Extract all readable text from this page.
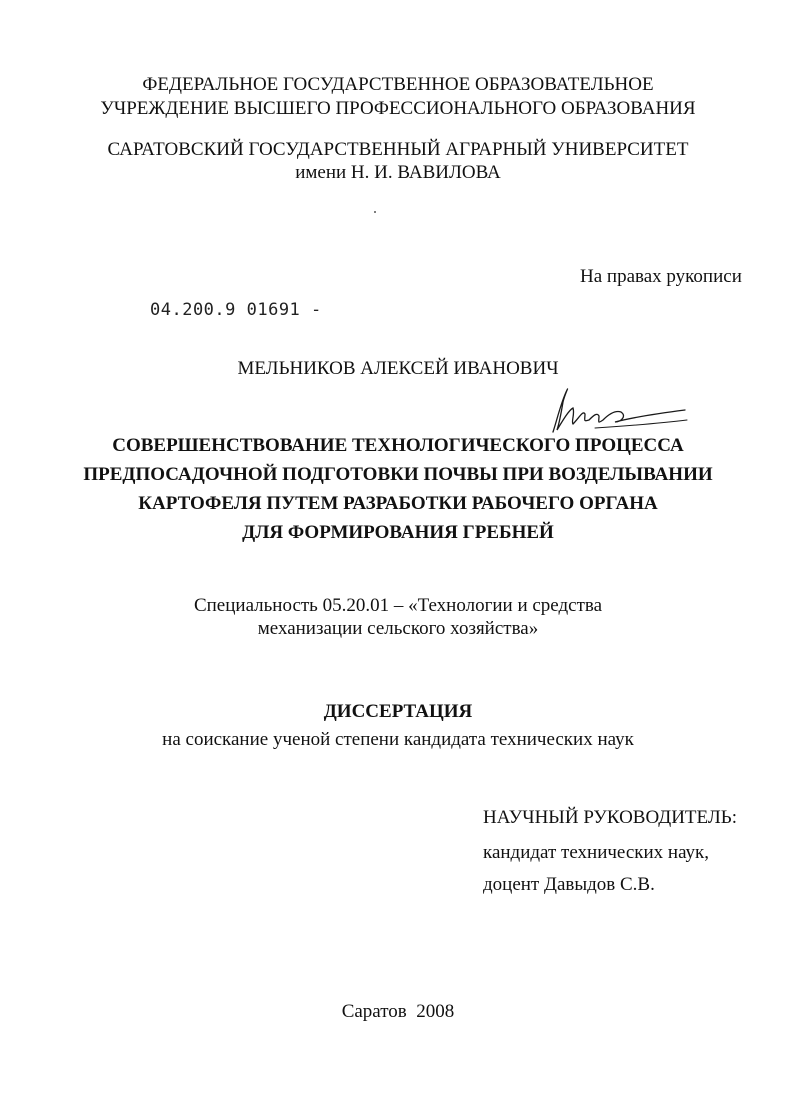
ФЕДЕРАЛЬНОЕ ГОСУДАРСТВЕННОЕ ОБРАЗОВАТЕЛЬНОЕ
УЧРЕЖДЕНИЕ ВЫСШЕГО ПРОФЕССИОНАЛЬНОГО ОБРАЗОВАНИЯ
САРАТОВСКИЙ ГОСУДАРСТВЕННЫЙ АГРАРНЫЙ УНИВЕРСИТЕТ
имени Н. И. ВАВИЛОВА
На правах рукописи
04.200.9 01691 -
МЕЛЬНИКОВ АЛЕКСЕЙ ИВАНОВИЧ
СОВЕРШЕНСТВОВАНИЕ ТЕХНОЛОГИЧЕСКОГО ПРОЦЕССА
ПРЕДПОСАДОЧНОЙ ПОДГОТОВКИ ПОЧВЫ ПРИ ВОЗДЕЛЫВАНИИ
КАРТОФЕЛЯ ПУТЕМ РАЗРАБОТКИ РАБОЧЕГО ОРГАНА
ДЛЯ ФОРМИРОВАНИЯ ГРЕБНЕЙ
Специальность 05.20.01 – «Технологии и средства
механизации сельского хозяйства»
ДИССЕРТАЦИЯ
на соискание ученой степени кандидата технических наук
НАУЧНЫЙ РУКОВОДИТЕЛЬ:
кандидат технических наук,
доцент Давыдов С.В.
Саратов  2008
